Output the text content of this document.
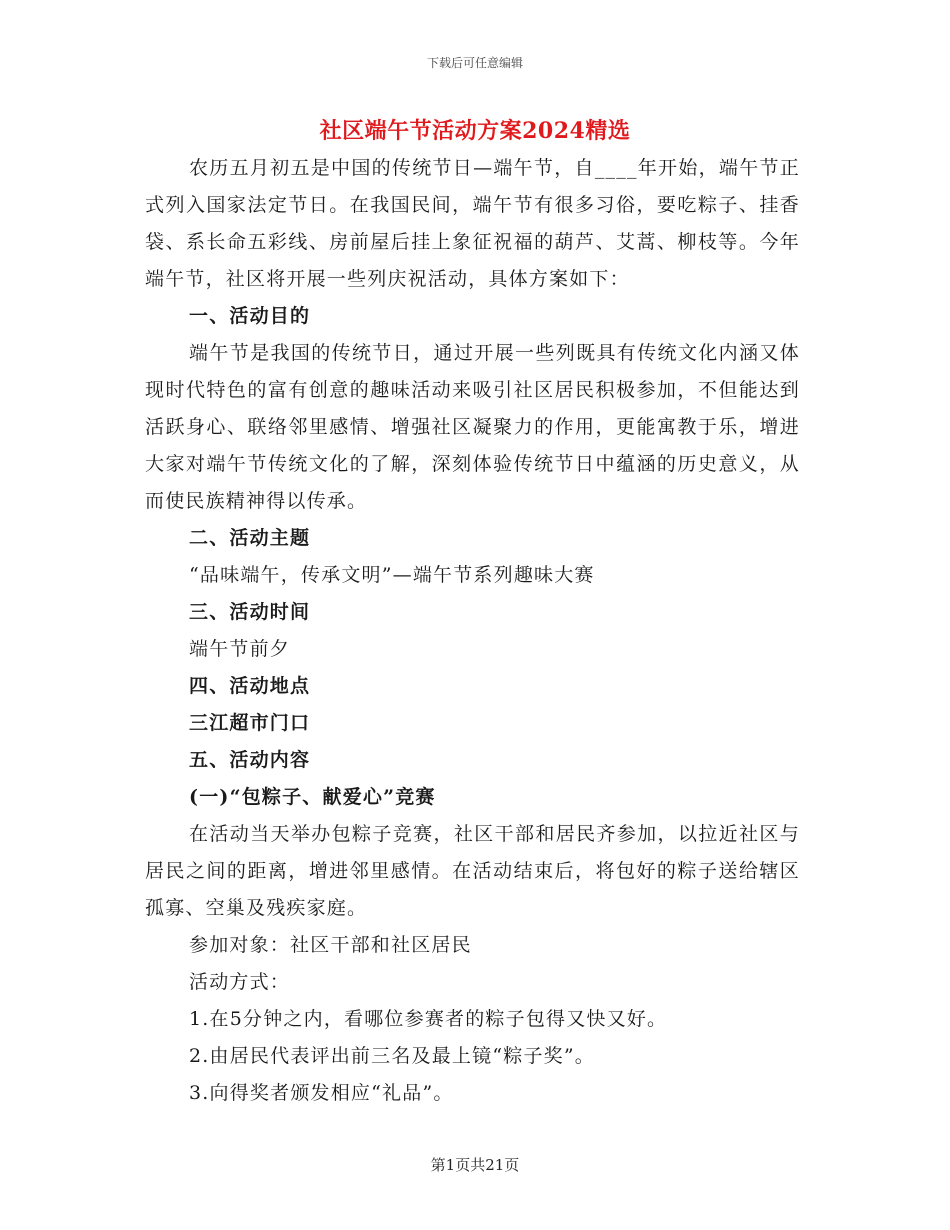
下载后可任意编辑
社区端午节活动方案2024精选

农历五月初五是中国的传统节日—端午节，自____年开始，端午节正式列入国家法定节日。在我国民间，端午节有很多习俗，要吃粽子、挂香袋、系长命五彩线、房前屋后挂上象征祝福的葫芦、艾蒿、柳枝等。今年端午节，社区将开展一些列庆祝活动，具体方案如下：

一、活动目的

端午节是我国的传统节日，通过开展一些列既具有传统文化内涵又体现时代特色的富有创意的趣味活动来吸引社区居民积极参加，不但能达到活跃身心、联络邻里感情、增强社区凝聚力的作用，更能寓教于乐，增进大家对端午节传统文化的了解，深刻体验传统节日中蕴涵的历史意义，从而使民族精神得以传承。

二、活动主题

“品味端午，传承文明”—端午节系列趣味大赛

三、活动时间

端午节前夕

四、活动地点

三江超市门口

五、活动内容

(一)“包粽子、献爱心”竞赛

在活动当天举办包粽子竞赛，社区干部和居民齐参加，以拉近社区与居民之间的距离，增进邻里感情。在活动结束后，将包好的粽子送给辖区孤寡、空巢及残疾家庭。

参加对象：社区干部和社区居民

活动方式：

1.在5分钟之内，看哪位参赛者的粽子包得又快又好。

2.由居民代表评出前三名及最上镜“粽子奖”。

3.向得奖者颁发相应“礼品”。

第1页共21页
